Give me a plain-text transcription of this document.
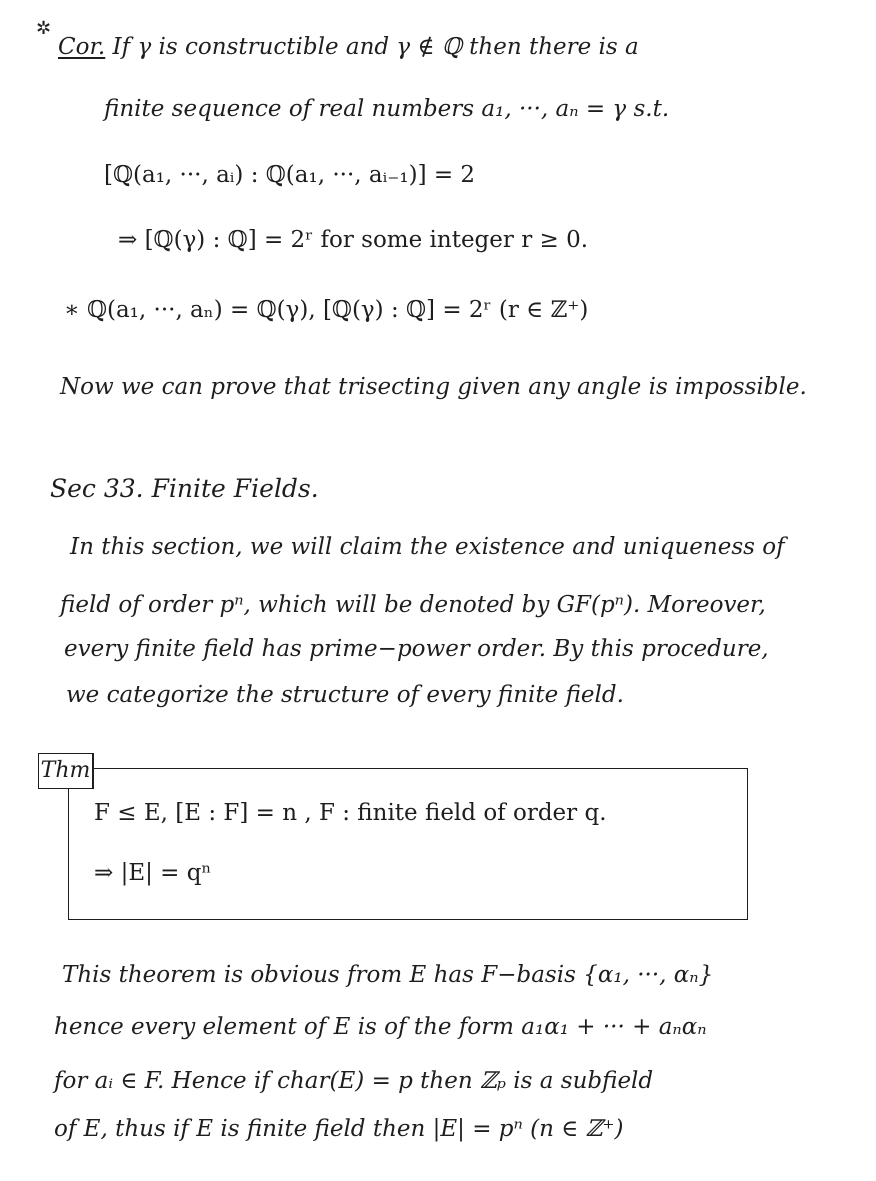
✲
Cor. If γ is constructible and γ ∉ ℚ then there is a
finite sequence of real numbers a₁, ···, aₙ = γ s.t.
[ℚ(a₁, ···, aᵢ) : ℚ(a₁, ···, aᵢ₋₁)] = 2
⇒ [ℚ(γ) : ℚ] = 2ʳ for some integer r ≥ 0.
∗ ℚ(a₁, ···, aₙ) = ℚ(γ), [ℚ(γ) : ℚ] = 2ʳ (r ∈ ℤ⁺)
Now we can prove that trisecting given any angle is impossible.
Sec 33. Finite Fields.
In this section, we will claim the existence and uniqueness of
field of order pⁿ, which will be denoted by GF(pⁿ). Moreover,
every finite field has prime−power order. By this procedure,
we categorize the structure of every finite field.
Thm
F ≤ E, [E : F] = n , F : finite field of order q.
⇒ |E| = qⁿ
This theorem is obvious from E has F−basis {α₁, ···, αₙ}
hence every element of E is of the form a₁α₁ + ··· + aₙαₙ
for aᵢ ∈ F. Hence if char(E) = p then ℤₚ is a subfield
of E, thus if E is finite field then |E| = pⁿ (n ∈ ℤ⁺)
